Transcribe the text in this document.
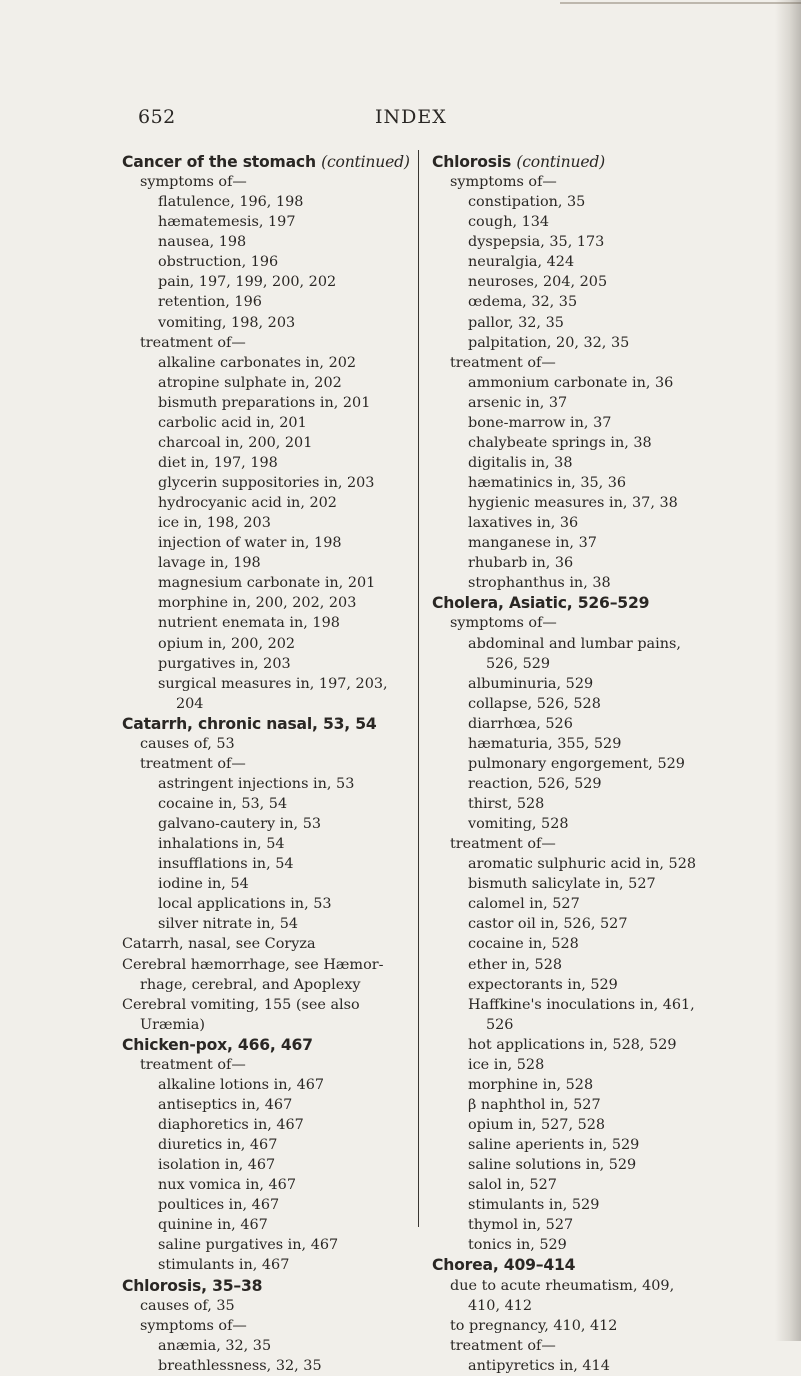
652	INDEX
Cancer of the stomach (continued)
symptoms of—
flatulence, 196, 198
hæmatemesis, 197
nausea, 198
obstruction, 196
pain, 197, 199, 200, 202
retention, 196
vomiting, 198, 203
treatment of—
alkaline carbonates in, 202
atropine sulphate in, 202
bismuth preparations in, 201
carbolic acid in, 201
charcoal in, 200, 201
diet in, 197, 198
glycerin suppositories in, 203
hydrocyanic acid in, 202
ice in, 198, 203
injection of water in, 198
lavage in, 198
magnesium carbonate in, 201
morphine in, 200, 202, 203
nutrient enemata in, 198
opium in, 200, 202
purgatives in, 203
surgical measures in, 197, 203,
204
Catarrh, chronic nasal, 53, 54
causes of, 53
treatment of—
astringent injections in, 53
cocaine in, 53, 54
galvano-cautery in, 53
inhalations in, 54
insufflations in, 54
iodine in, 54
local applications in, 53
silver nitrate in, 54
Catarrh, nasal, see Coryza
Cerebral hæmorrhage, see Hæmor-
rhage, cerebral, and Apoplexy
Cerebral vomiting, 155 (see also
Uræmia)
Chicken-pox, 466, 467
treatment of—
alkaline lotions in, 467
antiseptics in, 467
diaphoretics in, 467
diuretics in, 467
isolation in, 467
nux vomica in, 467
poultices in, 467
quinine in, 467
saline purgatives in, 467
stimulants in, 467
Chlorosis, 35–38
causes of, 35
symptoms of—
anæmia, 32, 35
breathlessness, 32, 35
Chlorosis (continued)
symptoms of—
constipation, 35
cough, 134
dyspepsia, 35, 173
neuralgia, 424
neuroses, 204, 205
œdema, 32, 35
pallor, 32, 35
palpitation, 20, 32, 35
treatment of—
ammonium carbonate in, 36
arsenic in, 37
bone-marrow in, 37
chalybeate springs in, 38
digitalis in, 38
hæmatinics in, 35, 36
hygienic measures in, 37, 38
laxatives in, 36
manganese in, 37
rhubarb in, 36
strophanthus in, 38
Cholera, Asiatic, 526–529
symptoms of—
abdominal and lumbar pains,
526, 529
albuminuria, 529
collapse, 526, 528
diarrhœa, 526
hæmaturia, 355, 529
pulmonary engorgement, 529
reaction, 526, 529
thirst, 528
vomiting, 528
treatment of—
aromatic sulphuric acid in, 528
bismuth salicylate in, 527
calomel in, 527
castor oil in, 526, 527
cocaine in, 528
ether in, 528
expectorants in, 529
Haffkine's inoculations in, 461,
526
hot applications in, 528, 529
ice in, 528
morphine in, 528
β naphthol in, 527
opium in, 527, 528
saline aperients in, 529
saline solutions in, 529
salol in, 527
stimulants in, 529
thymol in, 527
tonics in, 529
Chorea, 409–414
due to acute rheumatism, 409,
410, 412
to pregnancy, 410, 412
treatment of—
antipyretics in, 414
